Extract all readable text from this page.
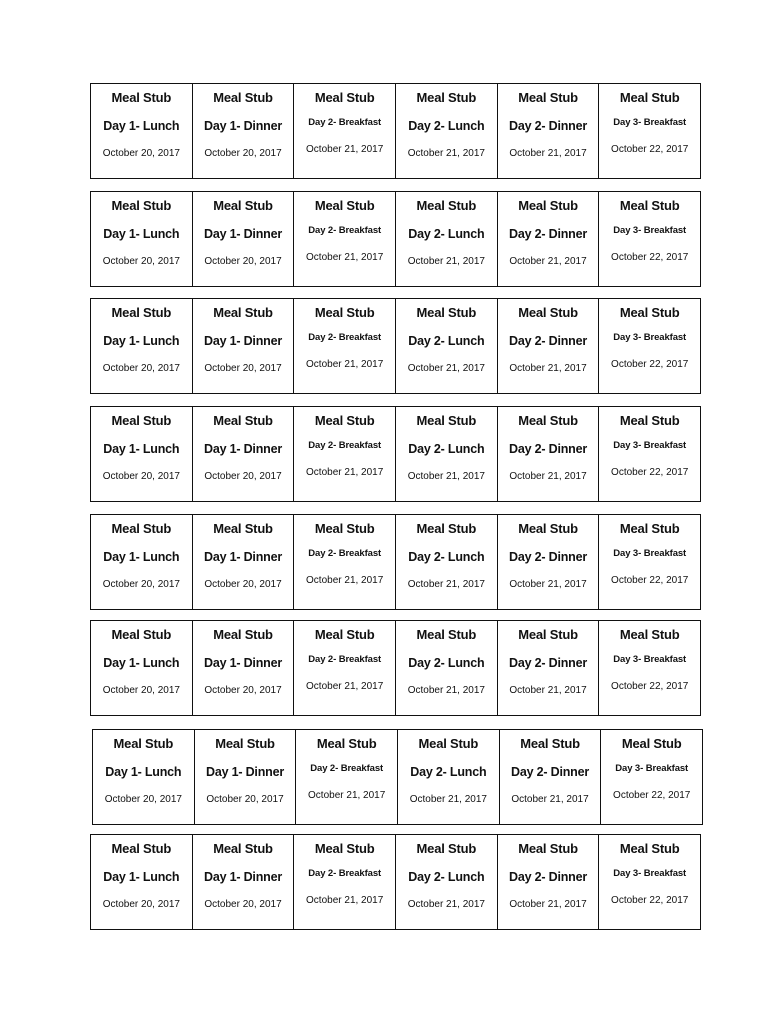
Meal Stub
Day 1- Lunch
October 20, 2017
Meal Stub
Day 1- Dinner
October 20, 2017
Meal Stub
Day 2- Breakfast
October 21, 2017
Meal Stub
Day 2- Lunch
October 21, 2017
Meal Stub
Day 2- Dinner
October 21, 2017
Meal Stub
Day 3- Breakfast
October 22, 2017
Meal Stub
Day 1- Lunch
October 20, 2017
Meal Stub
Day 1- Dinner
October 20, 2017
Meal Stub
Day 2- Breakfast
October 21, 2017
Meal Stub
Day 2- Lunch
October 21, 2017
Meal Stub
Day 2- Dinner
October 21, 2017
Meal Stub
Day 3- Breakfast
October 22, 2017
Meal Stub
Day 1- Lunch
October 20, 2017
Meal Stub
Day 1- Dinner
October 20, 2017
Meal Stub
Day 2- Breakfast
October 21, 2017
Meal Stub
Day 2- Lunch
October 21, 2017
Meal Stub
Day 2- Dinner
October 21, 2017
Meal Stub
Day 3- Breakfast
October 22, 2017
Meal Stub
Day 1- Lunch
October 20, 2017
Meal Stub
Day 1- Dinner
October 20, 2017
Meal Stub
Day 2- Breakfast
October 21, 2017
Meal Stub
Day 2- Lunch
October 21, 2017
Meal Stub
Day 2- Dinner
October 21, 2017
Meal Stub
Day 3- Breakfast
October 22, 2017
Meal Stub
Day 1- Lunch
October 20, 2017
Meal Stub
Day 1- Dinner
October 20, 2017
Meal Stub
Day 2- Breakfast
October 21, 2017
Meal Stub
Day 2- Lunch
October 21, 2017
Meal Stub
Day 2- Dinner
October 21, 2017
Meal Stub
Day 3- Breakfast
October 22, 2017
Meal Stub
Day 1- Lunch
October 20, 2017
Meal Stub
Day 1- Dinner
October 20, 2017
Meal Stub
Day 2- Breakfast
October 21, 2017
Meal Stub
Day 2- Lunch
October 21, 2017
Meal Stub
Day 2- Dinner
October 21, 2017
Meal Stub
Day 3- Breakfast
October 22, 2017
Meal Stub
Day 1- Lunch
October 20, 2017
Meal Stub
Day 1- Dinner
October 20, 2017
Meal Stub
Day 2- Breakfast
October 21, 2017
Meal Stub
Day 2- Lunch
October 21, 2017
Meal Stub
Day 2- Dinner
October 21, 2017
Meal Stub
Day 3- Breakfast
October 22, 2017
Meal Stub
Day 1- Lunch
October 20, 2017
Meal Stub
Day 1- Dinner
October 20, 2017
Meal Stub
Day 2- Breakfast
October 21, 2017
Meal Stub
Day 2- Lunch
October 21, 2017
Meal Stub
Day 2- Dinner
October 21, 2017
Meal Stub
Day 3- Breakfast
October 22, 2017
